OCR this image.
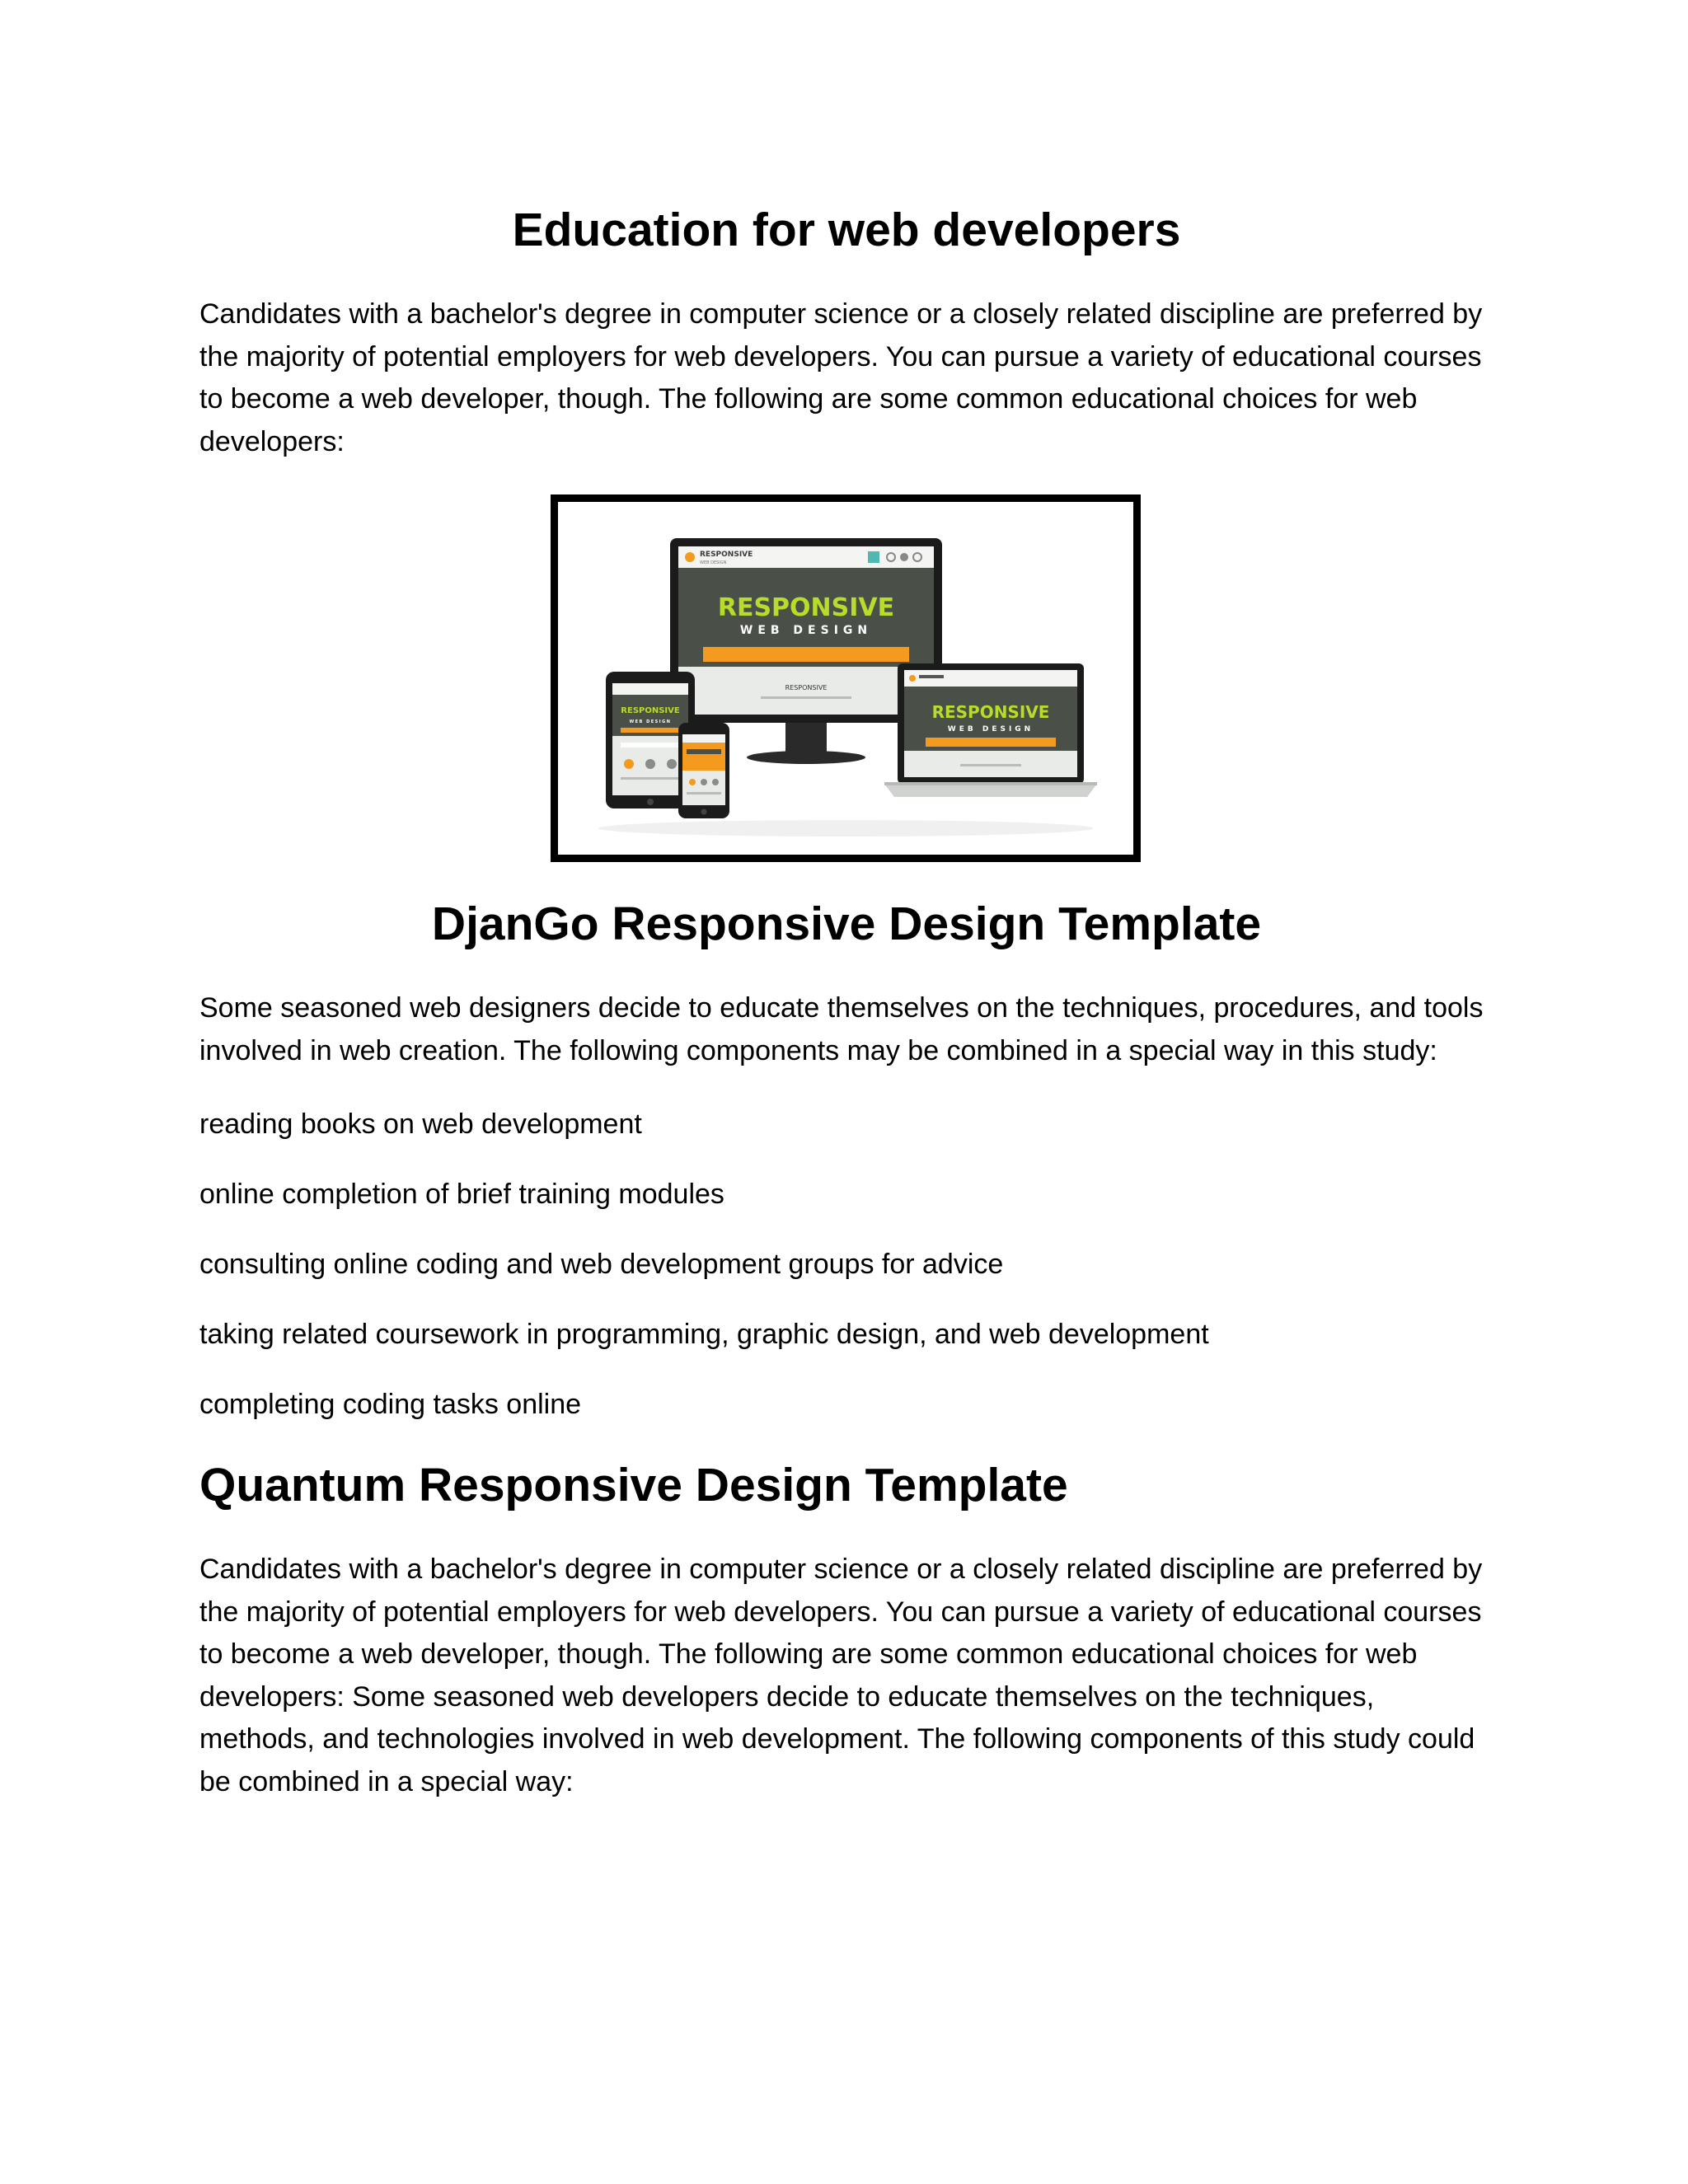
Education for web developers

Candidates with a bachelor's degree in computer science or a closely related discipline are preferred by the majority of potential employers for web developers. You can pursue a variety of educational courses to become a web developer, though. The following are some common educational choices for web developers:

RESPONSIVE
WEB DESIGN
RESPONSIVE
WEB DESIGN
RESPONSIVE
RESPONSIVE
WEB DESIGN
RESPONSIVE
WEB DESIGN
DjanGo Responsive Design Template

Some seasoned web designers decide to educate themselves on the techniques, procedures, and tools involved in web creation. The following components may be combined in a special way in this study:

reading books on web development

online completion of brief training modules

consulting online coding and web development groups for advice

taking related coursework in programming, graphic design, and web development

completing coding tasks online

Quantum Responsive Design Template

Candidates with a bachelor's degree in computer science or a closely related discipline are preferred by the majority of potential employers for web developers. You can pursue a variety of educational courses to become a web developer, though. The following are some common educational choices for web developers: Some seasoned web developers decide to educate themselves on the techniques, methods, and technologies involved in web development. The following components of this study could be combined in a special way:
